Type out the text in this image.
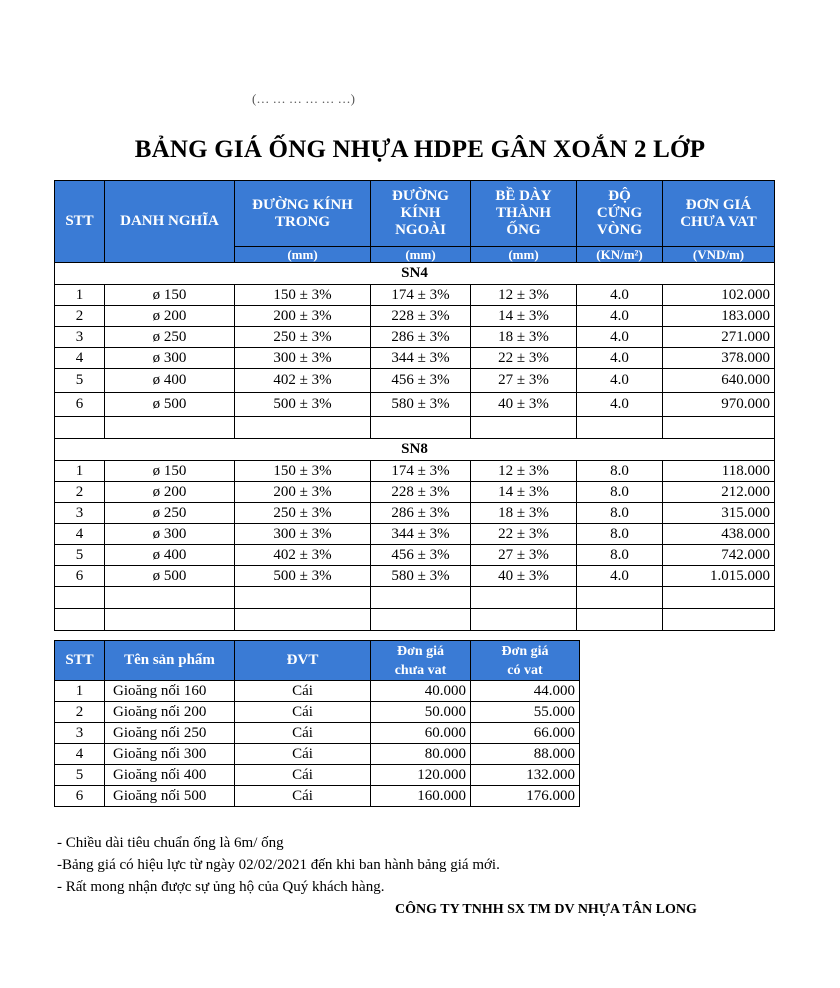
(… … … … … …)
BẢNG GIÁ ỐNG NHỰA HDPE GÂN XOẮN 2 LỚP
STT	DANH NGHĨA	ĐƯỜNG KÍNH TRONG	ĐƯỜNG KÍNH NGOÀI	BỀ DÀY THÀNH ỐNG	ĐỘ CỨNG VÒNG	ĐƠN GIÁ CHƯA VAT
		(mm)	(mm)	(mm)	(KN/m²)	(VND/m)
SN4						
1	ø 150	150 ± 3%	174 ± 3%	12 ± 3%	4.0	102.000
2	ø 200	200 ± 3%	228 ± 3%	14 ± 3%	4.0	183.000
3	ø 250	250 ± 3%	286 ± 3%	18 ± 3%	4.0	271.000
4	ø 300	300 ± 3%	344 ± 3%	22 ± 3%	4.0	378.000
5	ø 400	402 ± 3%	456 ± 3%	27 ± 3%	4.0	640.000
6	ø 500	500 ± 3%	580 ± 3%	40 ± 3%	4.0	970.000

SN8						
1	ø 150	150 ± 3%	174 ± 3%	12 ± 3%	8.0	118.000
2	ø 200	200 ± 3%	228 ± 3%	14 ± 3%	8.0	212.000
3	ø 250	250 ± 3%	286 ± 3%	18 ± 3%	8.0	315.000
4	ø 300	300 ± 3%	344 ± 3%	22 ± 3%	8.0	438.000
5	ø 400	402 ± 3%	456 ± 3%	27 ± 3%	8.0	742.000
6	ø 500	500 ± 3%	580 ± 3%	40 ± 3%	4.0	1.015.000

STT	Tên sản phẩm	ĐVT	Đơn giá chưa vat	Đơn giá có vat
1	Gioăng nối 160	Cái	40.000	44.000
2	Gioăng nối 200	Cái	50.000	55.000
3	Gioăng nối 250	Cái	60.000	66.000
4	Gioăng nối 300	Cái	80.000	88.000
5	Gioăng nối 400	Cái	120.000	132.000
6	Gioăng nối 500	Cái	160.000	176.000
- Chiều dài tiêu chuẩn ống là 6m/ ống
-Bảng giá có hiệu lực từ ngày 02/02/2021 đến khi ban hành bảng giá mới.
- Rất mong nhận được sự ủng hộ của Quý khách hàng.
CÔNG TY TNHH SX TM DV NHỰA TÂN LONG
